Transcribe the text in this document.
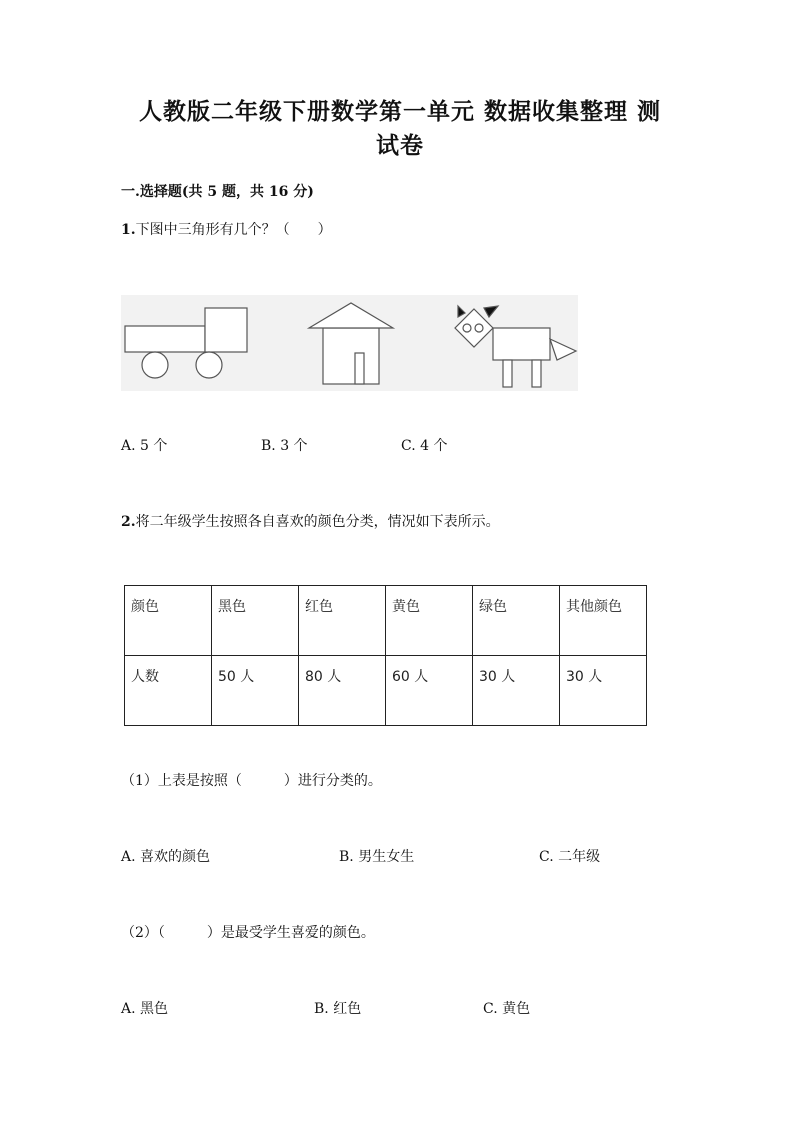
人教版二年级下册数学第一单元 数据收集整理 测
试卷
一.选择题(共 5 题，共 16 分)
1.下图中三角形有几个？（　　）
A. 5 个	B. 3 个	C. 4 个
2.将二年级学生按照各自喜欢的颜色分类，情况如下表所示。
颜色	黑色	红色	黄色	绿色	其他颜色
人数	50 人	80 人	60 人	30 人	30 人
（1）上表是按照（　　　）进行分类的。
A. 喜欢的颜色	B. 男生女生	C. 二年级
（2）（　　　）是最受学生喜爱的颜色。
A. 黑色	B. 红色	C. 黄色
